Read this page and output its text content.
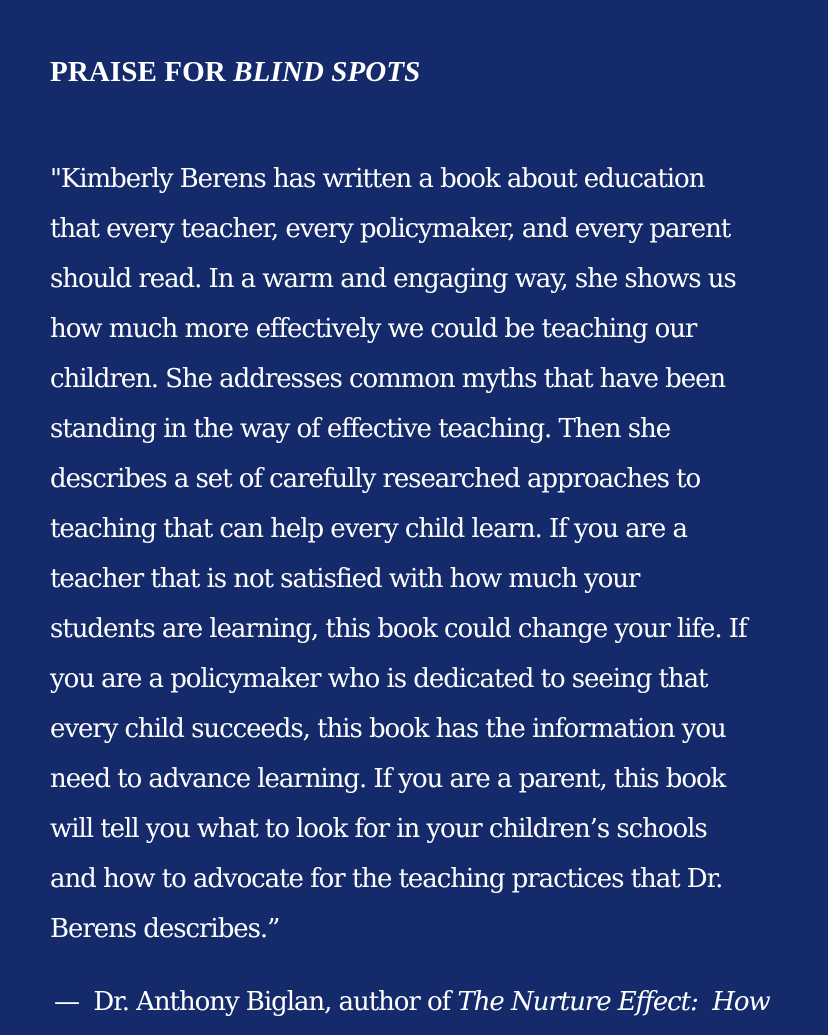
PRAISE FOR BLIND SPOTS

"Kimberly Berens has written a book about education
that every teacher, every policymaker, and every parent
should read. In a warm and engaging way, she shows us
how much more effectively we could be teaching our
children. She addresses common myths that have been
standing in the way of effective teaching. Then she
describes a set of carefully researched approaches to
teaching that can help every child learn. If you are a
teacher that is not satisfied with how much your
students are learning, this book could change your life. If
you are a policymaker who is dedicated to seeing that
every child succeeds, this book has the information you
need to advance learning. If you are a parent, this book
will tell you what to look for in your children’s schools
and how to advocate for the teaching practices that Dr.
Berens describes.”

— Dr. Anthony Biglan, author of The Nurture Effect:  How
